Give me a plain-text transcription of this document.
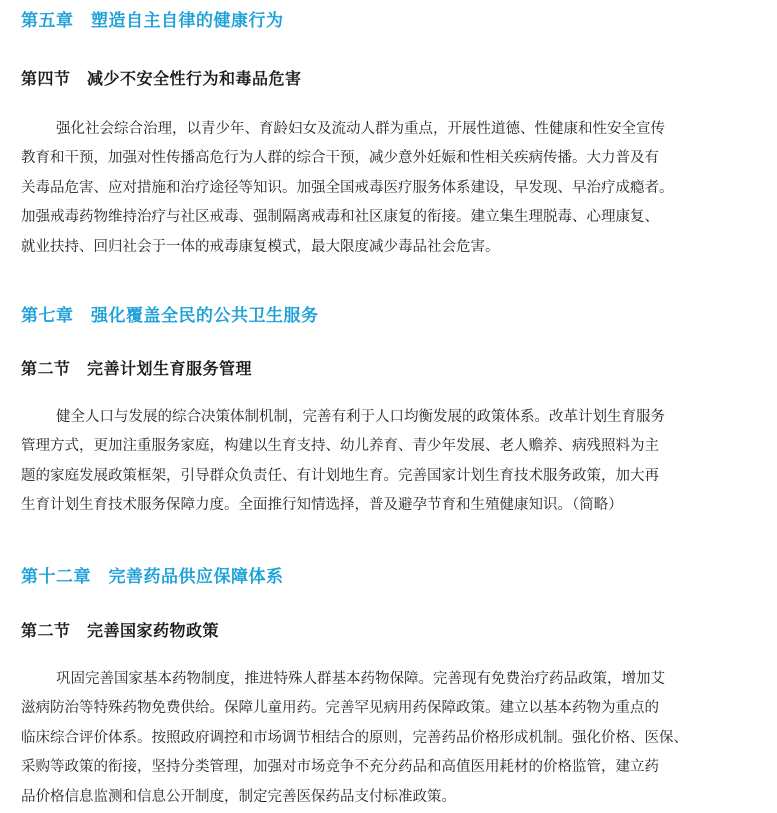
第五章　塑造自主自律的健康行为
第四节　减少不安全性行为和毒品危害
强化社会综合治理，以青少年、育龄妇女及流动人群为重点，开展性道德、性健康和性安全宣传
教育和干预，加强对性传播高危行为人群的综合干预，减少意外妊娠和性相关疾病传播。大力普及有
关毒品危害、应对措施和治疗途径等知识。加强全国戒毒医疗服务体系建设，早发现、早治疗成瘾者。
加强戒毒药物维持治疗与社区戒毒、强制隔离戒毒和社区康复的衔接。建立集生理脱毒、心理康复、
就业扶持、回归社会于一体的戒毒康复模式，最大限度减少毒品社会危害。
第七章　强化覆盖全民的公共卫生服务
第二节　完善计划生育服务管理
健全人口与发展的综合决策体制机制，完善有利于人口均衡发展的政策体系。改革计划生育服务
管理方式，更加注重服务家庭，构建以生育支持、幼儿养育、青少年发展、老人赡养、病残照料为主
题的家庭发展政策框架，引导群众负责任、有计划地生育。完善国家计划生育技术服务政策，加大再
生育计划生育技术服务保障力度。全面推行知情选择，普及避孕节育和生殖健康知识。（简略）
第十二章　完善药品供应保障体系
第二节　完善国家药物政策
巩固完善国家基本药物制度，推进特殊人群基本药物保障。完善现有免费治疗药品政策，增加艾
滋病防治等特殊药物免费供给。保障儿童用药。完善罕见病用药保障政策。建立以基本药物为重点的
临床综合评价体系。按照政府调控和市场调节相结合的原则，完善药品价格形成机制。强化价格、医保、
采购等政策的衔接，坚持分类管理，加强对市场竞争不充分药品和高值医用耗材的价格监管，建立药
品价格信息监测和信息公开制度，制定完善医保药品支付标准政策。
